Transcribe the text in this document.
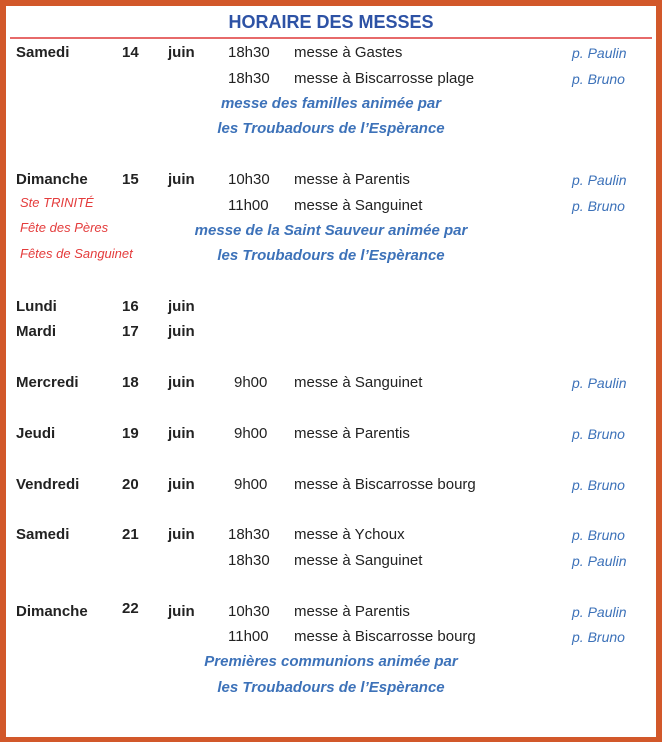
HORAIRE DES MESSES
Samedi	14 juin 18h30 messe à Gastes	p. Paulin
18h30 messe à Biscarrosse plage	p. Bruno
messe des familles animée par
les Troubadours de l’Espèrance
Dimanche 15 juin 10h30 messe à Parentis	p. Paulin
Ste TRINITÉ	11h00 messe à Sanguinet	p. Bruno
Fête des Pères	messe de la Saint Sauveur animée par
Fêtes de Sanguinet	les Troubadours de l’Espèrance
Lundi	16 juin
Mardi	17 juin
Mercredi	18 juin	9h00 messe à Sanguinet	p. Paulin
Jeudi	19 juin	9h00 messe à Parentis	p. Bruno
Vendredi	20 juin	9h00 messe à Biscarrosse bourg	p. Bruno
Samedi	21 juin 18h30 messe à Ychoux	p. Bruno
18h30 messe à Sanguinet	p. Paulin
Dimanche 22 juin 10h30 messe à Parentis	p. Paulin
11h00 messe à Biscarrosse bourg	p. Bruno
Premières communions animée par
les Troubadours de l’Espèrance
